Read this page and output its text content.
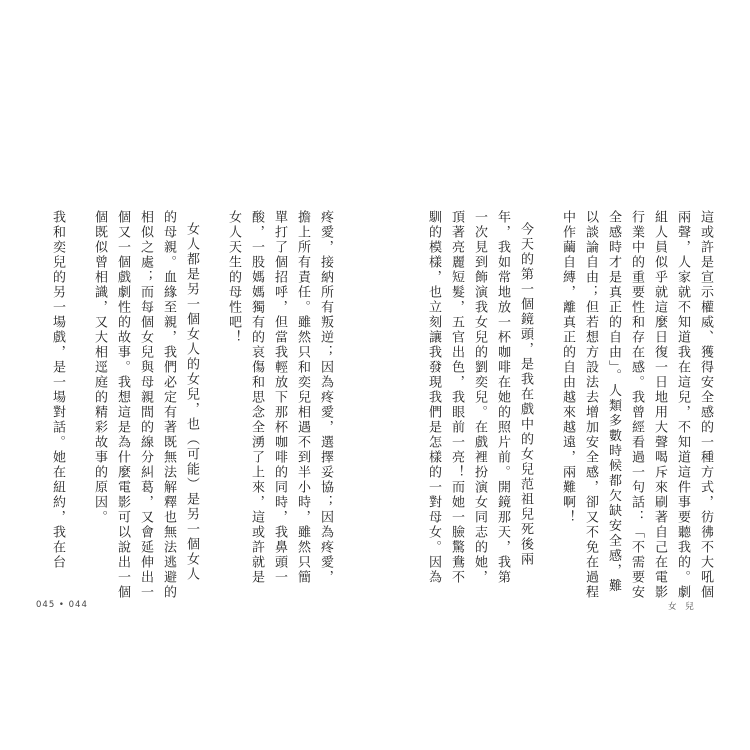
我和奕兒的另一場戲，是一場對話。她在紐約，我在台 個既似曾相識，又大相逕庭的精彩故事的原因。 個又一個戲劇性的故事。我想這是為什麼電影可以說出一個 相似之處；而每個女兒與母親間的線分糾葛，又會延伸出一 的母親。血緣至親，我們必定有著既無法解釋也無法逃避的 女人都是另一個女人的女兒，也（可能）是另一個女人 女人天生的母性吧！ 酸，一股媽媽獨有的哀傷和思念全湧了上來，這或許就是 單打了個招呼，但當我輕放下那杯咖啡的同時，我鼻頭一 擔上所有責任。雖然只和奕兒相遇不到半小時，雖然只簡 疼愛，接納所有叛逆；因為疼愛，選擇妥協；因為疼愛，	馴的模樣，也立刻讓我發現我們是怎樣的一對母女。因為 頂著亮麗短髮，五官出色，我眼前一亮！而她一臉驚鴦不 一次見到飾演我女兒的劉奕兒。在戲裡扮演女同志的她， 年，我如常地放一杯咖啡在她的照片前。開鏡那天，我第 今天的第一個鏡頭，是我在戲中的女兒范祖兒死後兩 中作繭自縛，離真正的自由越來越遠，兩難啊！ 以談論自由；但若想方設法去增加安全感，卻又不免在過程 全感時才是真正的自由」。人類多數時候都欠缺安全感，難 行業中的重要性和存在感。我曾經看過一句話：「不需要安 組人員似乎就這麼日復一日地用大聲喝斥來刷著自己在電影 兩聲，人家就不知道我在這兒，不知道這件事要聽我的。劇 這或許是宣示權威、獲得安全感的一種方式，彷彿不大吼個
045 • 044	女 兒
